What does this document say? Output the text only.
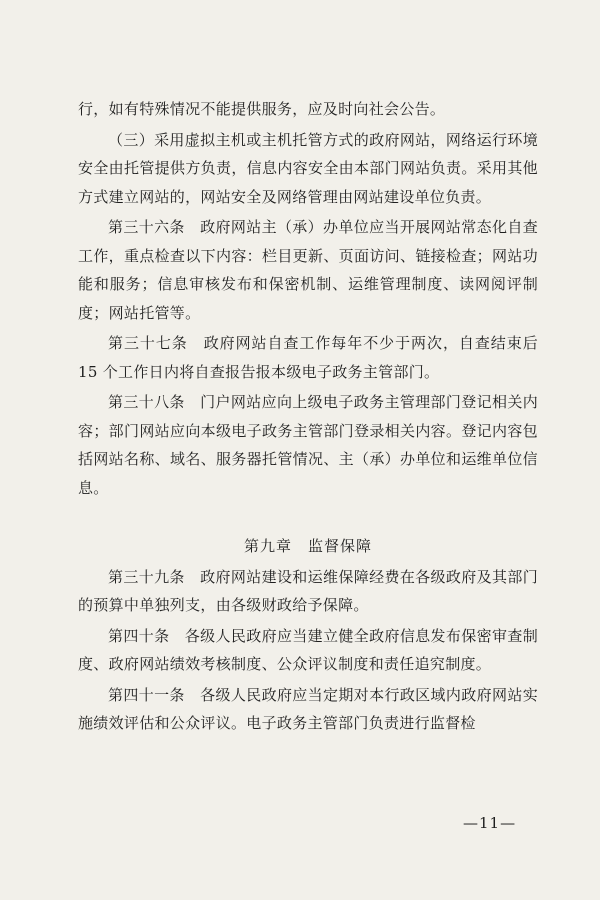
行，如有特殊情况不能提供服务，应及时向社会公告。

（三）采用虚拟主机或主机托管方式的政府网站，网络运行环境安全由托管提供方负责，信息内容安全由本部门网站负责。采用其他方式建立网站的，网站安全及网络管理由网站建设单位负责。

第三十六条　政府网站主（承）办单位应当开展网站常态化自查工作，重点检查以下内容：栏目更新、页面访问、链接检查；网站功能和服务；信息审核发布和保密机制、运维管理制度、读网阅评制度；网站托管等。

第三十七条　政府网站自查工作每年不少于两次，自查结束后 15 个工作日内将自查报告报本级电子政务主管部门。

第三十八条　门户网站应向上级电子政务主管理部门登记相关内容；部门网站应向本级电子政务主管部门登录相关内容。登记内容包括网站名称、域名、服务器托管情况、主（承）办单位和运维单位信息。

第九章　监督保障

第三十九条　政府网站建设和运维保障经费在各级政府及其部门的预算中单独列支，由各级财政给予保障。

第四十条　各级人民政府应当建立健全政府信息发布保密审查制度、政府网站绩效考核制度、公众评议制度和责任追究制度。

第四十一条　各级人民政府应当定期对本行政区域内政府网站实施绩效评估和公众评议。电子政务主管部门负责进行监督检

—11—
